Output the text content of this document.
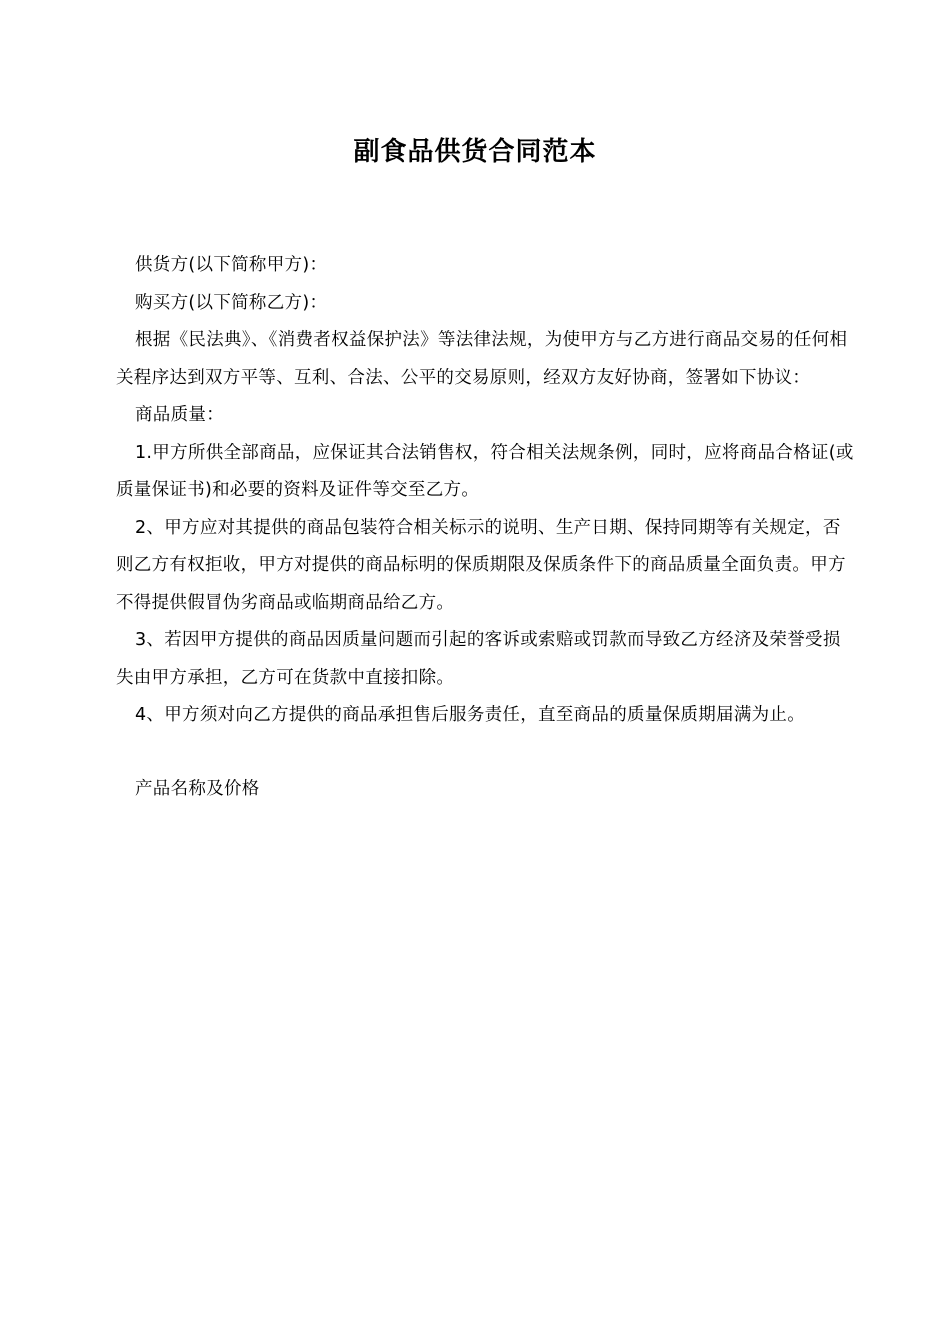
副食品供货合同范本

供货方(以下简称甲方)：

购买方(以下简称乙方)：

根据《民法典》、《消费者权益保护法》等法律法规，为使甲方与乙方进行商品交易的任何相关程序达到双方平等、互利、合法、公平的交易原则，经双方友好协商，签署如下协议：

商品质量：

1.甲方所供全部商品，应保证其合法销售权，符合相关法规条例，同时，应将商品合格证(或质量保证书)和必要的资料及证件等交至乙方。

2、甲方应对其提供的商品包装符合相关标示的说明、生产日期、保持同期等有关规定，否则乙方有权拒收，甲方对提供的商品标明的保质期限及保质条件下的商品质量全面负责。甲方不得提供假冒伪劣商品或临期商品给乙方。

3、若因甲方提供的商品因质量问题而引起的客诉或索赔或罚款而导致乙方经济及荣誉受损失由甲方承担，乙方可在货款中直接扣除。

4、甲方须对向乙方提供的商品承担售后服务责任，直至商品的质量保质期届满为止。

产品名称及价格
